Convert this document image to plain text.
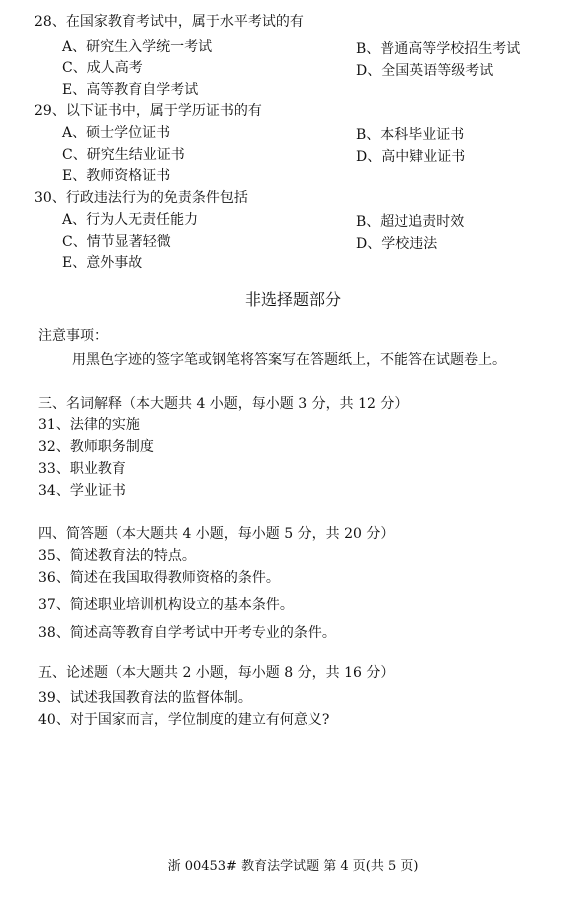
28、在国家教育考试中，属于水平考试的有
A、研究生入学统一考试	B、普通高等学校招生考试
C、成人高考	D、全国英语等级考试
E、高等教育自学考试
29、以下证书中，属于学历证书的有
A、硕士学位证书	B、本科毕业证书
C、研究生结业证书	D、高中肄业证书
E、教师资格证书
30、行政违法行为的免责条件包括
A、行为人无责任能力	B、超过追责时效
C、情节显著轻微	D、学校违法
E、意外事故
非选择题部分
注意事项：
用黑色字迹的签字笔或钢笔将答案写在答题纸上，不能答在试题卷上。
三、名词解释（本大题共 4 小题，每小题 3 分，共 12 分）
31、法律的实施
32、教师职务制度
33、职业教育
34、学业证书
四、简答题（本大题共 4 小题，每小题 5 分，共 20 分）
35、简述教育法的特点。
36、简述在我国取得教师资格的条件。
37、简述职业培训机构设立的基本条件。
38、简述高等教育自学考试中开考专业的条件。
五、论述题（本大题共 2 小题，每小题 8 分，共 16 分）
39、试述我国教育法的监督体制。
40、对于国家而言，学位制度的建立有何意义?
浙 00453# 教育法学试题 第 4 页(共 5 页)
